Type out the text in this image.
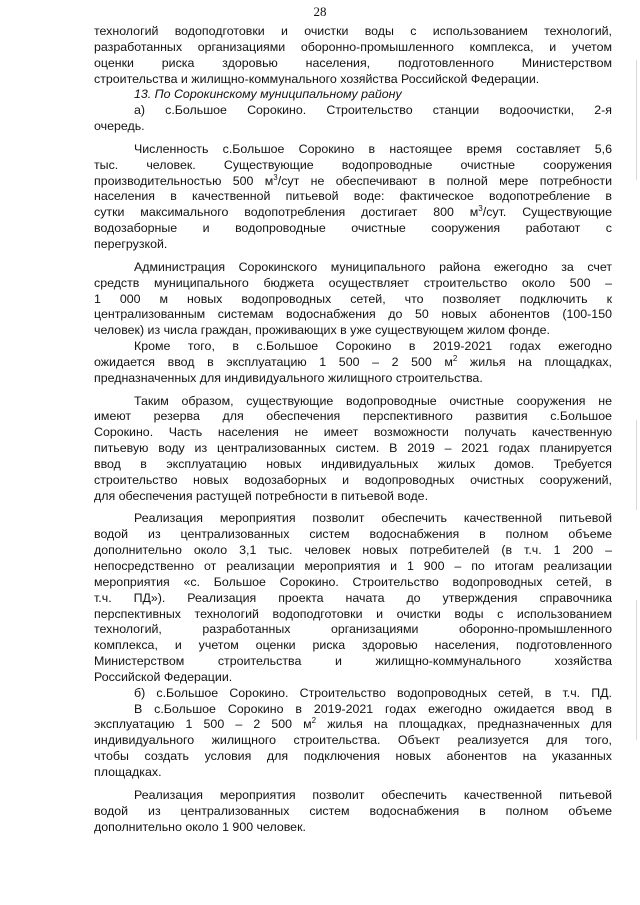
28

технологий водоподготовки и очистки воды с использованием технологий,

разработанных организациями оборонно-промышленного комплекса, и учетом

оценки риска здоровью населения, подготовленного Министерством

строительства и жилищно-коммунального хозяйства Российской Федерации.

13. По Сорокинскому муниципальному району

а) с.Большое Сорокино. Строительство станции водоочистки, 2-я

очередь.

Численность с.Большое Сорокино в настоящее время составляет 5,6

тыс. человек. Существующие водопроводные очистные сооружения

производительностью 500 $м^3$/сут не обеспечивают в полной мере потребности

населения в качественной питьевой воде: фактическое водопотребление в

сутки максимального водопотребления достигает 800 $м^3$/сут. Существующие

водозаборные и водопроводные очистные сооружения работают с

перегрузкой.

Администрация Сорокинского муниципального района ежегодно за счет

средств муниципального бюджета осуществляет строительство около 500 –

1 000 м новых водопроводных сетей, что позволяет подключить к

централизованным системам водоснабжения до 50 новых абонентов (100-150

человек) из числа граждан, проживающих в уже существующем жилом фонде.

Кроме того, в с.Большое Сорокино в 2019-2021 годах ежегодно

ожидается ввод в эксплуатацию 1 500 – 2 500 $м^2$ жилья на площадках,

предназначенных для индивидуального жилищного строительства.

Таким образом, существующие водопроводные очистные сооружения не

имеют резерва для обеспечения перспективного развития с.Большое

Сорокино. Часть населения не имеет возможности получать качественную

питьевую воду из централизованных систем. В 2019 – 2021 годах планируется

ввод в эксплуатацию новых индивидуальных жилых домов. Требуется

строительство новых водозаборных и водопроводных очистных сооружений,

для обеспечения растущей потребности в питьевой воде.

Реализация мероприятия позволит обеспечить качественной питьевой

водой из централизованных систем водоснабжения в полном объеме

дополнительно около 3,1 тыс. человек новых потребителей (в т.ч. 1 200 –

непосредственно от реализации мероприятия и 1 900 – по итогам реализации

мероприятия «с. Большое Сорокино. Строительство водопроводных сетей, в

т.ч. ПД»). Реализация проекта начата до утверждения справочника

перспективных технологий водоподготовки и очистки воды с использованием

технологий, разработанных организациями оборонно-промышленного

комплекса, и учетом оценки риска здоровью населения, подготовленного

Министерством строительства и жилищно-коммунального хозяйства

Российской Федерации.

б) с.Большое Сорокино. Строительство водопроводных сетей, в т.ч. ПД.

В с.Большое Сорокино в 2019-2021 годах ежегодно ожидается ввод в

эксплуатацию 1 500 – 2 500 $м^2$ жилья на площадках, предназначенных для

индивидуального жилищного строительства. Объект реализуется для того,

чтобы создать условия для подключения новых абонентов на указанных

площадках.

Реализация мероприятия позволит обеспечить качественной питьевой

водой из централизованных систем водоснабжения в полном объеме

дополнительно около 1 900 человек.
